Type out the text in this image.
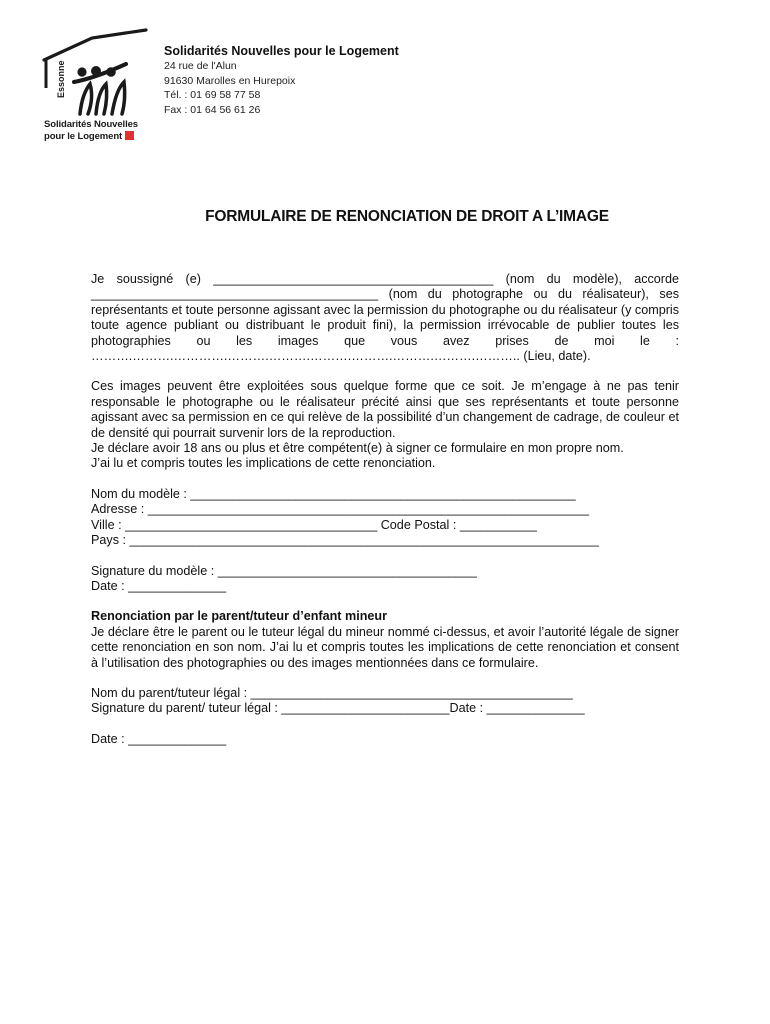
Essonne
Solidarités Nouvelles
pour le Logement
Solidarités Nouvelles pour le Logement
24 rue de l'Alun
91630 Marolles en Hurepoix
Tél. : 01 69 58 77 58
Fax : 01 64 56 61 26
FORMULAIRE DE RENONCIATION DE DROIT A L’IMAGE

Je soussigné (e) ________________________________________ (nom du modèle), accorde _________________________________________ (nom du photographe ou du réalisateur), ses représentants et toute personne agissant avec la permission du photographe ou du réalisateur (y compris toute agence publiant ou distribuant le produit fini), la permission irrévocable de publier toutes les photographies ou les images que vous avez prises de moi le : ……….……….………….……….……….……….……….……….……….……….. (Lieu, date).

Ces images peuvent être exploitées sous quelque forme que ce soit. Je m’engage à ne pas tenir responsable le photographe ou le réalisateur précité ainsi que ses représentants et toute personne agissant avec sa permission en ce qui relève de la possibilité d’un changement de cadrage, de couleur et de densité qui pourrait survenir lors de la reproduction.

Je déclare avoir 18 ans ou plus et être compétent(e) à signer ce formulaire en mon propre nom.

J’ai lu et compris toutes les implications de cette renonciation.

Nom du modèle : _______________________________________________________

Adresse : _______________________________________________________________

Ville : ____________________________________ Code Postal : ___________

Pays : ___________________________________________________________________

Signature du modèle : _____________________________________

Date : ______________

Renonciation par le parent/tuteur d’enfant mineur

Je déclare être le parent ou le tuteur légal du mineur nommé ci-dessus, et avoir l’autorité légale de signer cette renonciation en son nom. J’ai lu et compris toutes les implications de cette renonciation et consent à l’utilisation des photographies ou des images mentionnées dans ce formulaire.

Nom du parent/tuteur légal : ______________________________________________

Signature du parent/ tuteur légal : ________________________Date : ______________

Date : ______________
